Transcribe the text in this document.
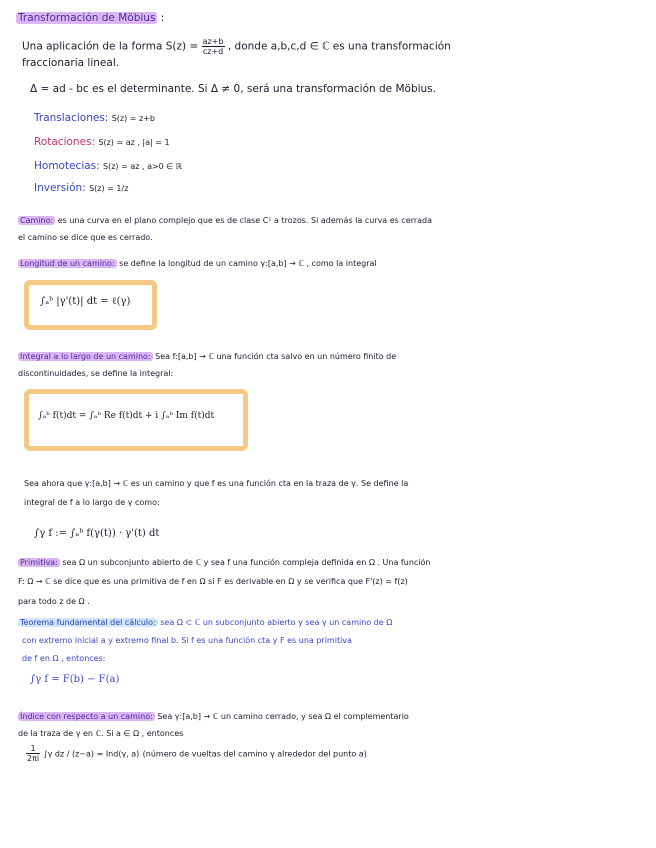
Transformación de Möbius :
Una aplicación de la forma $S(z) = \frac{az+b}{cz+d}$ , donde a,b,c,d ∈ ℂ es una transformación
fraccionaria lineal.
Δ = ad - bc es el determinante. Si Δ ≠ 0, será una transformación de Möbius.
Translaciones: S(z) = z+b
Rotaciones: S(z) = az , |a| = 1
Homotecias: S(z) = az , a>0 ∈ ℝ
Inversión: S(z) = 1/z
Camino: es una curva en el plano complejo que es de clase C¹ a trozos. Si además la curva es cerrada
el camino se dice que es cerrado.
Longitud de un camino: se define la longitud de un camino γ:[a,b] → ℂ , como la integral
∫ₐᵇ |γ'(t)| dt = ℓ(γ)
Integral a lo largo de un camino: Sea f:[a,b] → ℂ una función cta salvo en un número finito de
discontinuidades, se define la integral:
∫ₐᵇ f(t)dt = ∫ₐᵇ Re f(t)dt + i ∫ₐᵇ Im f(t)dt
Sea ahora que γ:[a,b] → ℂ es un camino y que f es una función cta en la traza de γ. Se define la
integral de f a lo largo de γ como:
∫γ f := ∫ₐᵇ f(γ(t)) · γ'(t) dt
Primitiva: sea Ω un subconjunto abierto de ℂ y sea f una función compleja definida en Ω . Una función
F: Ω → ℂ se dice que es una primitiva de f en Ω si F es derivable en Ω y se verifica que F'(z) = f(z)
para todo z de Ω .
Teorema fundamental del cálculo: sea Ω ⊂ ℂ un subconjunto abierto y sea γ un camino de Ω
con extremo inicial a y extremo final b. Si f es una función cta y F es una primitiva
de f en Ω , entonces:
∫γ f = F(b) − F(a)
Índice con respecto a un camino: Sea γ:[a,b] → ℂ un camino cerrado, y sea Ω el complementario
de la traza de γ en ℂ. Si a ∈ Ω , entonces
$\frac{1}{2\pi i} \int\gamma$ dz / (z−a) = Ind(γ, a) (número de vueltas del camino γ alrededor del punto a)
